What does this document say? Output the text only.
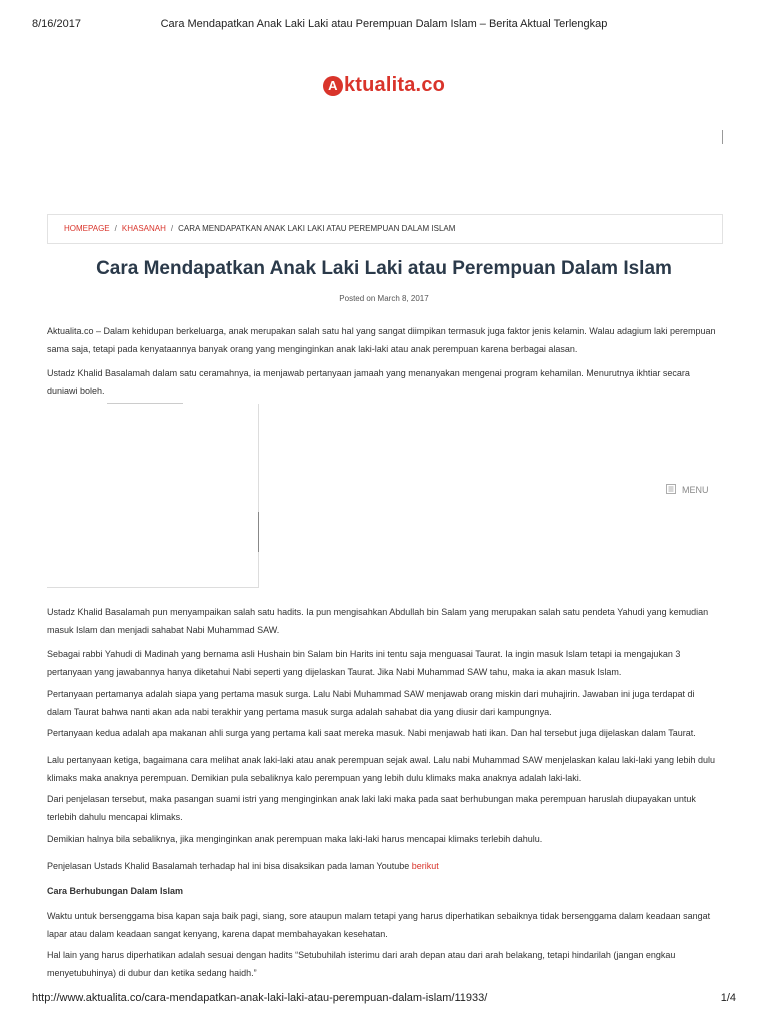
8/16/2017	Cara Mendapatkan Anak Laki Laki atau Perempuan Dalam Islam – Berita Aktual Terlengkap
A ktualita.co
HOMEPAGE / KHASANAH / CARA MENDAPATKAN ANAK LAKI LAKI ATAU PEREMPUAN DALAM ISLAM
Cara Mendapatkan Anak Laki Laki atau Perempuan Dalam Islam
Posted on March 8, 2017

Aktualita.co – Dalam kehidupan berkeluarga, anak merupakan salah satu hal yang sangat diimpikan termasuk juga faktor jenis kelamin. Walau adagium laki perempuan sama saja, tetapi pada kenyataannya banyak orang yang menginginkan anak laki-laki atau anak perempuan karena berbagai alasan.

Ustadz Khalid Basalamah dalam satu ceramahnya, ia menjawab pertanyaan jamaah yang menanyakan mengenai program kehamilan. Menurutnya ikhtiar secara duniawi boleh.

MENU

Ustadz Khalid Basalamah pun menyampaikan salah satu hadits. Ia pun mengisahkan Abdullah bin Salam yang merupakan salah satu pendeta Yahudi yang kemudian masuk Islam dan menjadi sahabat Nabi Muhammad SAW.

Sebagai rabbi Yahudi di Madinah yang bernama asli Hushain bin Salam bin Harits ini tentu saja menguasai Taurat. Ia ingin masuk Islam tetapi ia mengajukan 3 pertanyaan yang jawabannya hanya diketahui Nabi seperti yang dijelaskan Taurat. Jika Nabi Muhammad SAW tahu, maka ia akan masuk Islam.

Pertanyaan pertamanya adalah siapa yang pertama masuk surga. Lalu Nabi Muhammad SAW menjawab orang miskin dari muhajirin. Jawaban ini juga terdapat di dalam Taurat bahwa nanti akan ada nabi terakhir yang pertama masuk surga adalah sahabat dia yang diusir dari kampungnya.

Pertanyaan kedua adalah apa makanan ahli surga yang pertama kali saat mereka masuk. Nabi menjawab hati ikan. Dan hal tersebut juga dijelaskan dalam Taurat.

Lalu pertanyaan ketiga, bagaimana cara melihat anak laki-laki atau anak perempuan sejak awal. Lalu nabi Muhammad SAW menjelaskan kalau laki-laki yang lebih dulu klimaks maka anaknya perempuan. Demikian pula sebaliknya kalo perempuan yang lebih dulu klimaks maka anaknya adalah laki-laki.

Dari penjelasan tersebut, maka pasangan suami istri yang menginginkan anak laki laki maka pada saat berhubungan maka perempuan haruslah diupayakan untuk terlebih dahulu mencapai klimaks.

Demikian halnya bila sebaliknya, jika menginginkan anak perempuan maka laki-laki harus mencapai klimaks terlebih dahulu.

Penjelasan Ustads Khalid Basalamah terhadap hal ini bisa disaksikan pada laman Youtube berikut

Cara Berhubungan Dalam Islam

Waktu untuk bersenggama bisa kapan saja baik pagi, siang, sore ataupun malam tetapi yang harus diperhatikan sebaiknya tidak bersenggama dalam keadaan sangat lapar atau dalam keadaan sangat kenyang, karena dapat membahayakan kesehatan.

Hal lain yang harus diperhatikan adalah sesuai dengan hadits “Setubuhilah isterimu dari arah depan atau dari arah belakang, tetapi hindarilah (jangan engkau menyetubuhinya) di dubur dan ketika sedang haidh.”

http://www.aktualita.co/cara-mendapatkan-anak-laki-laki-atau-perempuan-dalam-islam/11933/	1/4
